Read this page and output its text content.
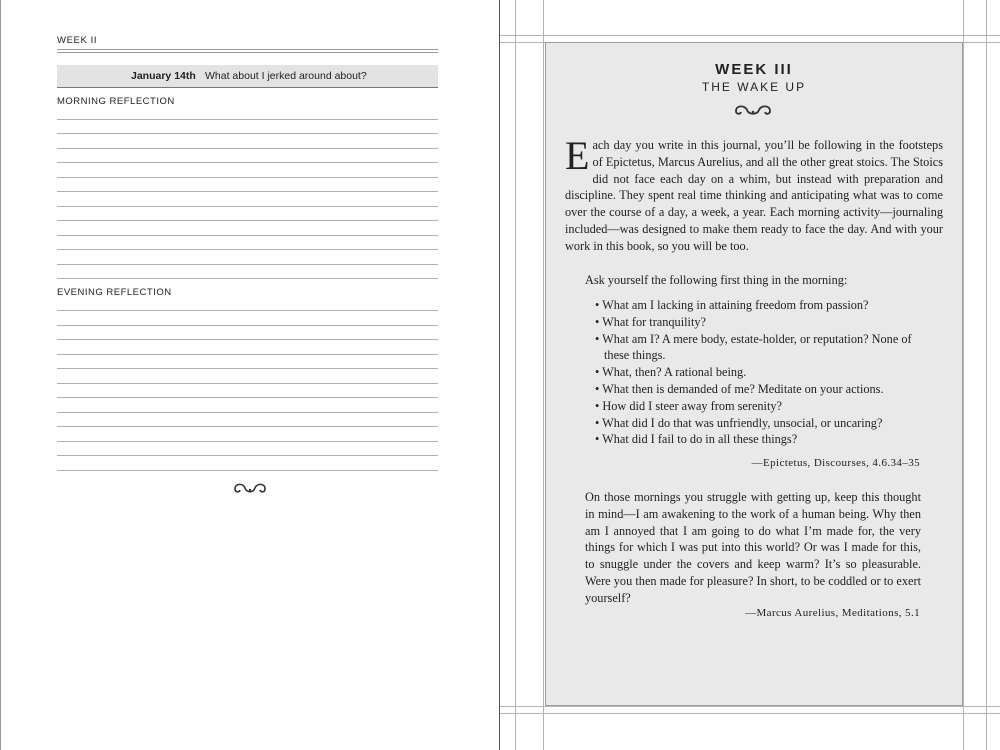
WEEK II
January 14th What about I jerked around about?
MORNING REFLECTION
EVENING REFLECTION
WEEK III
THE WAKE UP
Each day you write in this journal, you’ll be following in the footsteps of Epictetus, Marcus Aurelius, and all the other great stoics. The Stoics did not face each day on a whim, but instead with preparation and discipline. They spent real time thinking and anticipating what was to come over the course of a day, a week, a year. Each morning activity—journaling included—was designed to make them ready to face the day. And with your work in this book, so you will be too.
Ask yourself the following first thing in the morning:
• What am I lacking in attaining freedom from passion?
• What for tranquility?
• What am I? A mere body, estate-holder, or reputation? None of these things.
• What, then? A rational being.
• What then is demanded of me? Meditate on your actions.
• How did I steer away from serenity?
• What did I do that was unfriendly, unsocial, or uncaring?
• What did I fail to do in all these things?
—Epictetus, Discourses, 4.6.34–35
On those mornings you struggle with getting up, keep this thought in mind—I am awakening to the work of a human being. Why then am I annoyed that I am going to do what I’m made for, the very things for which I was put into this world? Or was I made for this, to snuggle under the covers and keep warm? It’s so pleasurable. Were you then made for pleasure? In short, to be coddled or to exert yourself?
—Marcus Aurelius, Meditations, 5.1
